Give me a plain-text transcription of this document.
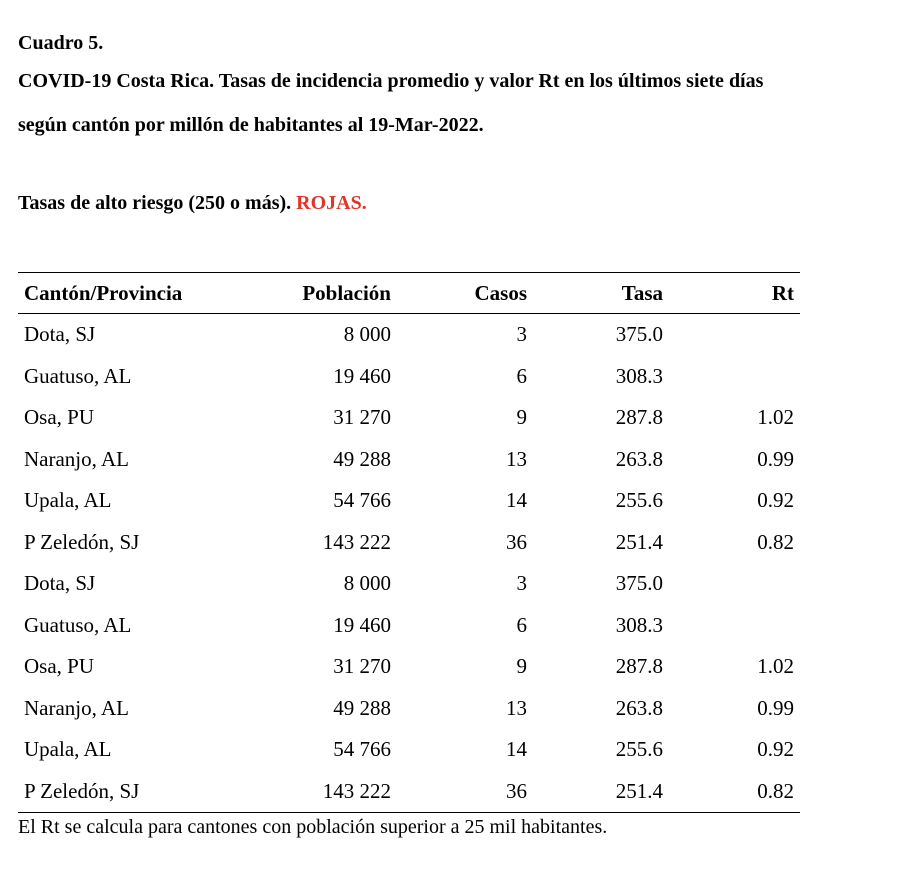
Cuadro 5.
COVID-19 Costa Rica. Tasas de incidencia promedio y valor Rt en los últimos siete días
según cantón por millón de habitantes al 19-Mar-2022.
Tasas de alto riesgo (250 o más). ROJAS.
Cantón/Provincia	Población	Casos	Tasa	Rt
Dota, SJ	8 000	3	375.0	
Guatuso, AL	19 460	6	308.3	
Osa, PU	31 270	9	287.8	1.02
Naranjo, AL	49 288	13	263.8	0.99
Upala, AL	54 766	14	255.6	0.92
P Zeledón, SJ	143 222	36	251.4	0.82
Dota, SJ	8 000	3	375.0	
Guatuso, AL	19 460	6	308.3	
Osa, PU	31 270	9	287.8	1.02
Naranjo, AL	49 288	13	263.8	0.99
Upala, AL	54 766	14	255.6	0.92
P Zeledón, SJ	143 222	36	251.4	0.82
El Rt se calcula para cantones con población superior a 25 mil habitantes.
